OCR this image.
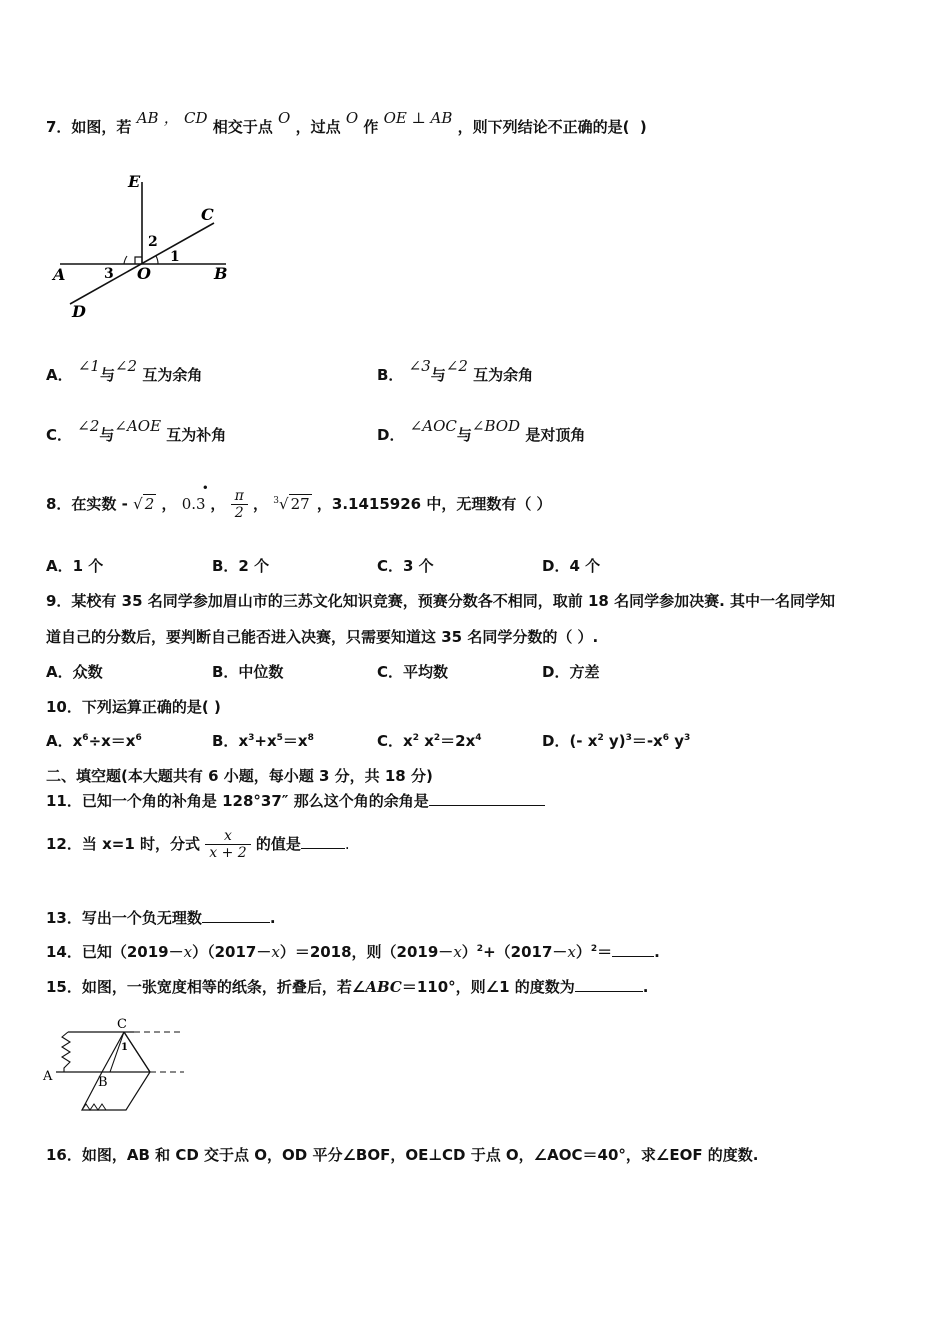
7．如图，若 AB ， CD 相交于点 O ，过点 O 作 OE ⊥ AB ，则下列结论不正确的是( )
E
C
A	O	B
D
1
2
3
A． ∠1与∠2 互为余角	B． ∠3与∠2 互为余角
C． ∠2与∠AOE 互为补角	D． ∠AOC与∠BOD 是对顶角
8．在实数 - √ 2 ，
•
0.3 ， $\frac{\pi}{2}$ ， $^3$√ 27 ，3.1415926 中，无理数有（ ）
A．1 个	B．2 个	C．3 个	D．4 个
9．某校有 35 名同学参加眉山市的三苏文化知识竞赛，预赛分数各不相同，取前 18 名同学参加决赛. 其中一名同学知
道自己的分数后，要判断自己能否进入决赛，只需要知道这 35 名同学分数的（ ）.
A．众数	B．中位数	C．平均数	D．方差
10．下列运算正确的是( )
A．$x^6\div x=x^6$	B．$x^3+x^5=x^8$	C．$x^2$ $x^2=2x^4$	D．(- $x^2$ $y)^3=-x^6$ $y^3$
二、填空题(本大题共有 6 小题，每小题 3 分，共 18 分)
11．已知一个角的补角是 128°37″ 那么这个角的余角是
12．当 x=1 时，分式 $\frac{x}{x + 2}$ 的值是	.
13．写出一个负无理数	.
14．已知（2019－x）（2017－x）＝2018，则$(2019-x)^2+(2017-x)^2=$	.
15．如图，一张宽度相等的纸条，折叠后，若∠ABC＝110°，则∠1 的度数为	.
C
A	B
1
16．如图，AB 和 CD 交于点 O，OD 平分∠BOF，OE⊥CD 于点 O，∠AOC＝40°，求∠EOF 的度数.
